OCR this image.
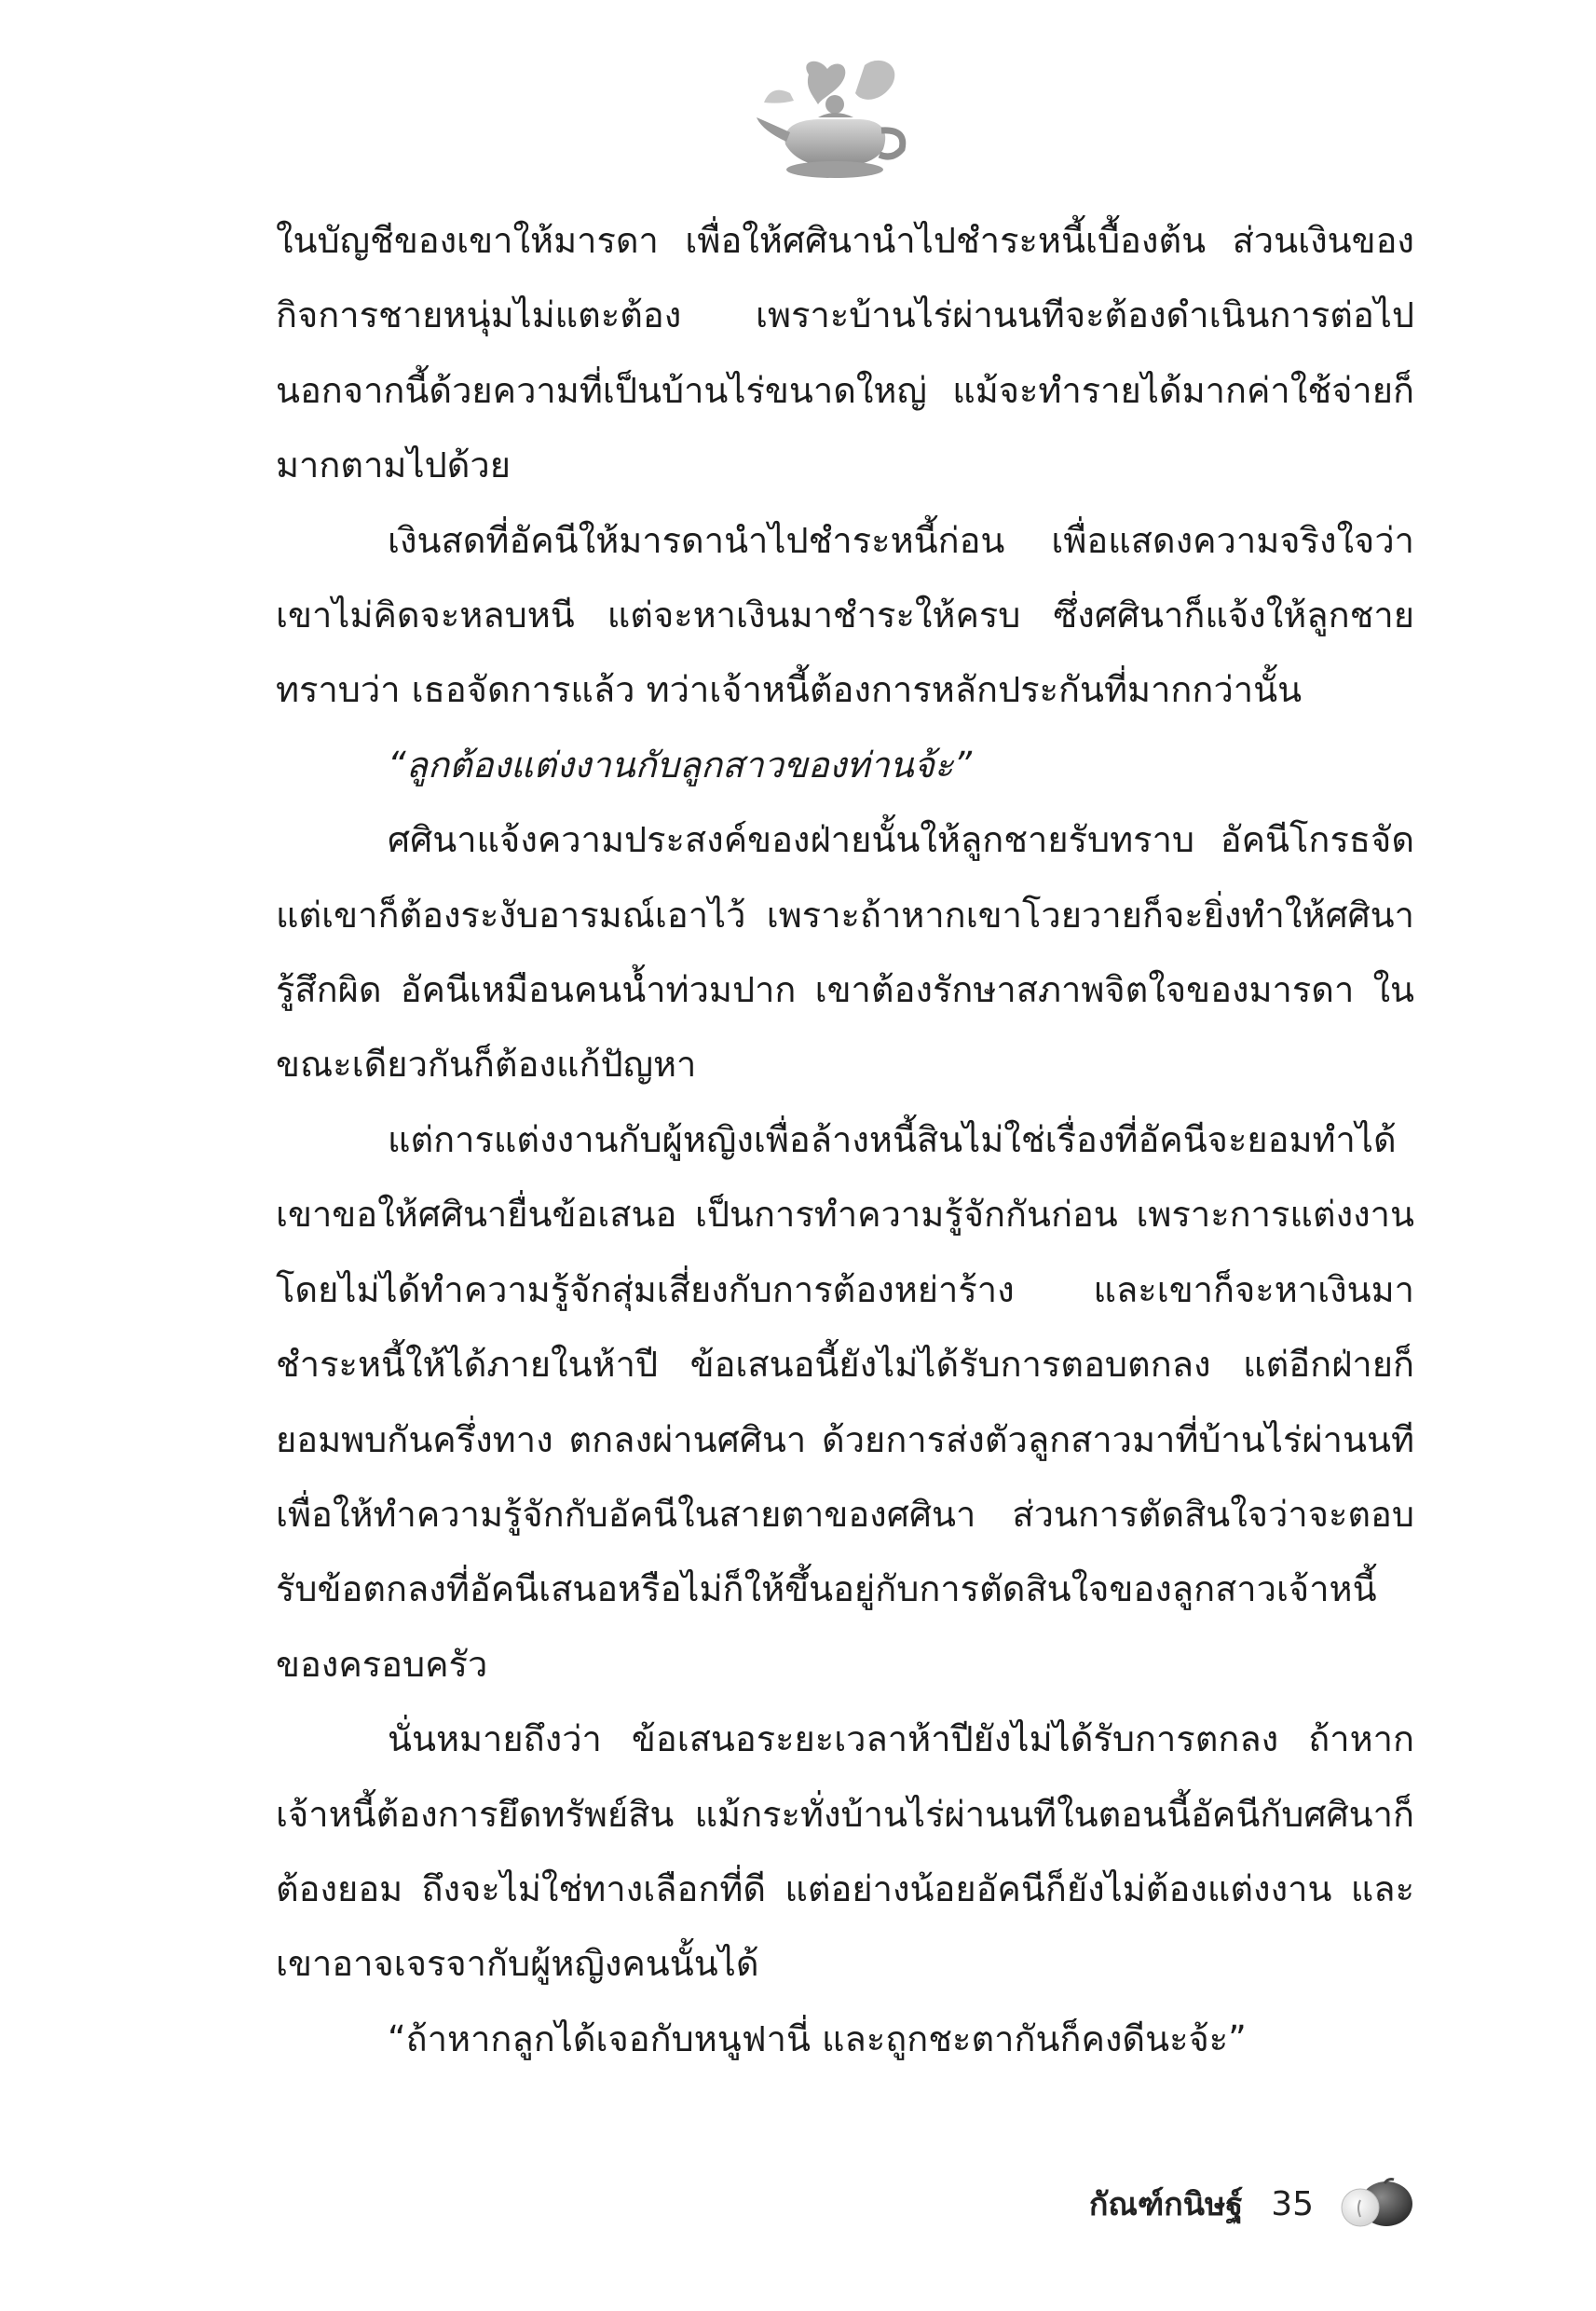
ในบัญชีของเขาให้มารดา เพื่อให้ศศินานำไปชำระหนี้เบื้องต้น ส่วนเงินของกิจการชายหนุ่มไม่แตะต้อง เพราะบ้านไร่ผ่านนทีจะต้องดำเนินการต่อไป นอกจากนี้ด้วยความที่เป็นบ้านไร่ขนาดใหญ่ แม้จะทำรายได้มากค่าใช้จ่ายก็มากตามไปด้วย

เงินสดที่อัคนีให้มารดานำไปชำระหนี้ก่อน เพื่อแสดงความจริงใจว่าเขาไม่คิดจะหลบหนี แต่จะหาเงินมาชำระให้ครบ ซึ่งศศินาก็แจ้งให้ลูกชายทราบว่า เธอจัดการแล้ว ทว่าเจ้าหนี้ต้องการหลักประกันที่มากกว่านั้น

“ลูกต้องแต่งงานกับลูกสาวของท่านจ้ะ”

ศศินาแจ้งความประสงค์ของฝ่ายนั้นให้ลูกชายรับทราบ อัคนีโกรธจัด แต่เขาก็ต้องระงับอารมณ์เอาไว้ เพราะถ้าหากเขาโวยวายก็จะยิ่งทำให้ศศินารู้สึกผิด อัคนีเหมือนคนน้ำท่วมปาก เขาต้องรักษาสภาพจิตใจของมารดา ในขณะเดียวกันก็ต้องแก้ปัญหา

แต่การแต่งงานกับผู้หญิงเพื่อล้างหนี้สินไม่ใช่เรื่องที่อัคนีจะยอมทำได้ เขาขอให้ศศินายื่นข้อเสนอ เป็นการทำความรู้จักกันก่อน เพราะการแต่งงานโดยไม่ได้ทำความรู้จักสุ่มเสี่ยงกับการต้องหย่าร้าง และเขาก็จะหาเงินมาชำระหนี้ให้ได้ภายในห้าปี ข้อเสนอนี้ยังไม่ได้รับการตอบตกลง แต่อีกฝ่ายก็ยอมพบกันครึ่งทาง ตกลงผ่านศศินา ด้วยการส่งตัวลูกสาวมาที่บ้านไร่ผ่านนที เพื่อให้ทำความรู้จักกับอัคนีในสายตาของศศินา ส่วนการตัดสินใจว่าจะตอบรับข้อตกลงที่อัคนีเสนอหรือไม่ก็ให้ขึ้นอยู่กับการตัดสินใจของลูกสาวเจ้าหนี้ของครอบครัว

นั่นหมายถึงว่า ข้อเสนอระยะเวลาห้าปียังไม่ได้รับการตกลง ถ้าหากเจ้าหนี้ต้องการยึดทรัพย์สิน แม้กระทั่งบ้านไร่ผ่านนทีในตอนนี้อัคนีกับศศินาก็ต้องยอม ถึงจะไม่ใช่ทางเลือกที่ดี แต่อย่างน้อยอัคนีก็ยังไม่ต้องแต่งงาน และเขาอาจเจรจากับผู้หญิงคนนั้นได้

“ถ้าหากลูกได้เจอกับหนูฟานี่ และถูกชะตากันก็คงดีนะจ้ะ”

กัณฑ์กนิษฐ์ 35
